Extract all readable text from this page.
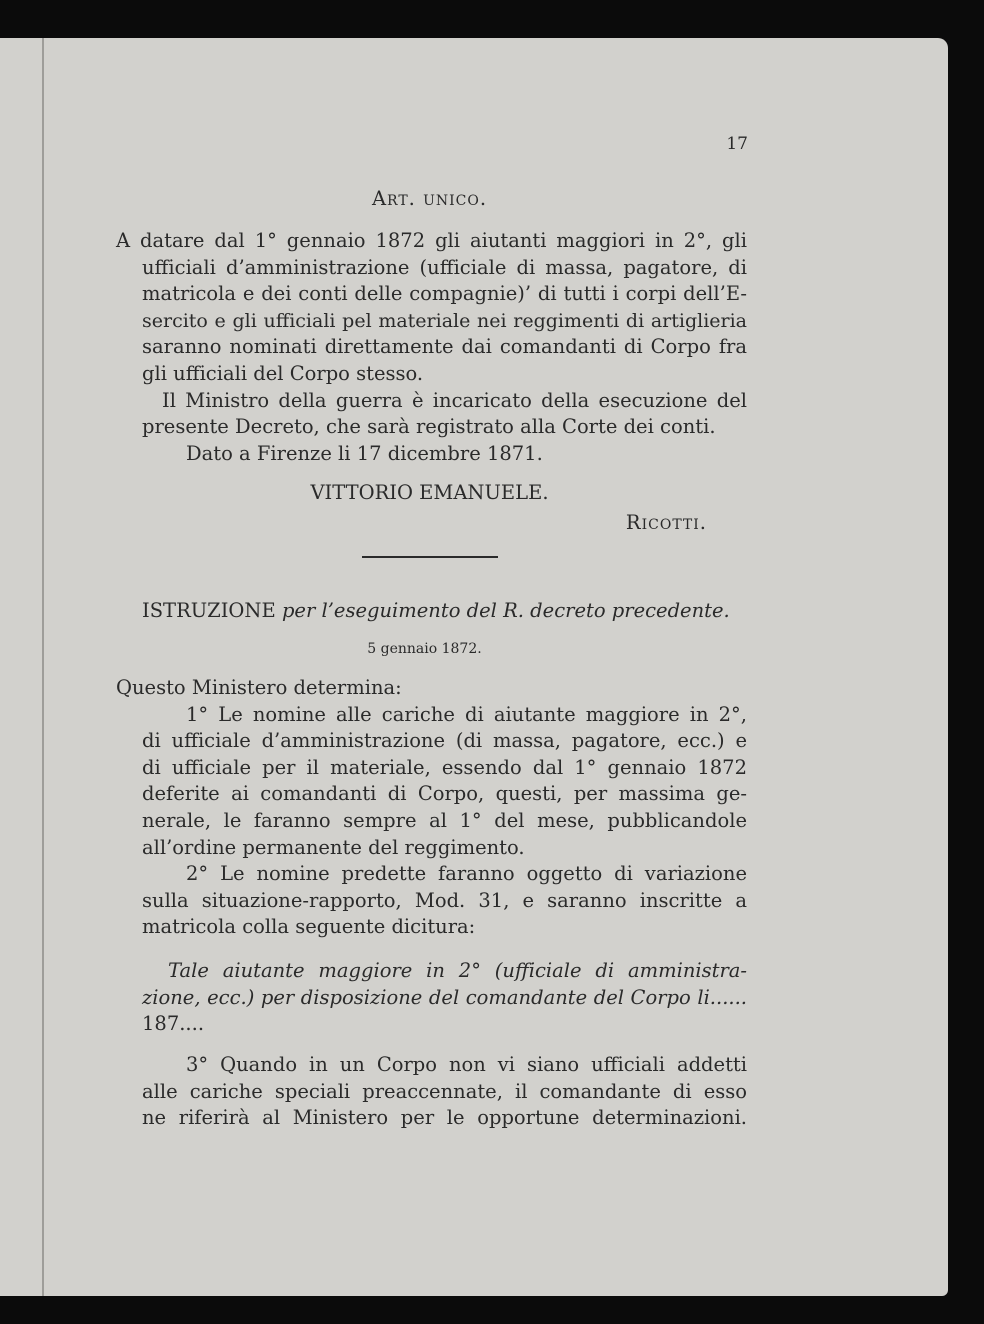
17
Art. unico.
A datare dal 1° gennaio 1872 gli aiutanti maggiori in 2°, gli
ufficiali d’amministrazione (ufficiale di massa, pagatore, di
matricola e dei conti delle compagnie)’ di tutti i corpi dell’E-
sercito e gli ufficiali pel materiale nei reggimenti di artiglieria
saranno nominati direttamente dai comandanti di Corpo fra
gli ufficiali del Corpo stesso.
Il Ministro della guerra è incaricato della esecuzione del
presente Decreto, che sarà registrato alla Corte dei conti.
Dato a Firenze li 17 dicembre 1871.
VITTORIO EMANUELE.
Ricotti.
ISTRUZIONE per l’eseguimento del R. decreto precedente.
5 gennaio 1872.
Questo Ministero determina:
1° Le nomine alle cariche di aiutante maggiore in 2°,
di ufficiale d’amministrazione (di massa, pagatore, ecc.) e
di ufficiale per il materiale, essendo dal 1° gennaio 1872
deferite ai comandanti di Corpo, questi, per massima ge-
nerale, le faranno sempre al 1° del mese, pubblicandole
all’ordine permanente del reggimento.
2° Le nomine predette faranno oggetto di variazione
sulla situazione-rapporto, Mod. 31, e saranno inscritte a
matricola colla seguente dicitura:
Tale aiutante maggiore in 2° (ufficiale di amministra-
zione, ecc.) per disposizione del comandante del Corpo li......
187....
3° Quando in un Corpo non vi siano ufficiali addetti
alle cariche speciali preaccennate, il comandante di esso
ne riferirà al Ministero per le opportune determinazioni.
